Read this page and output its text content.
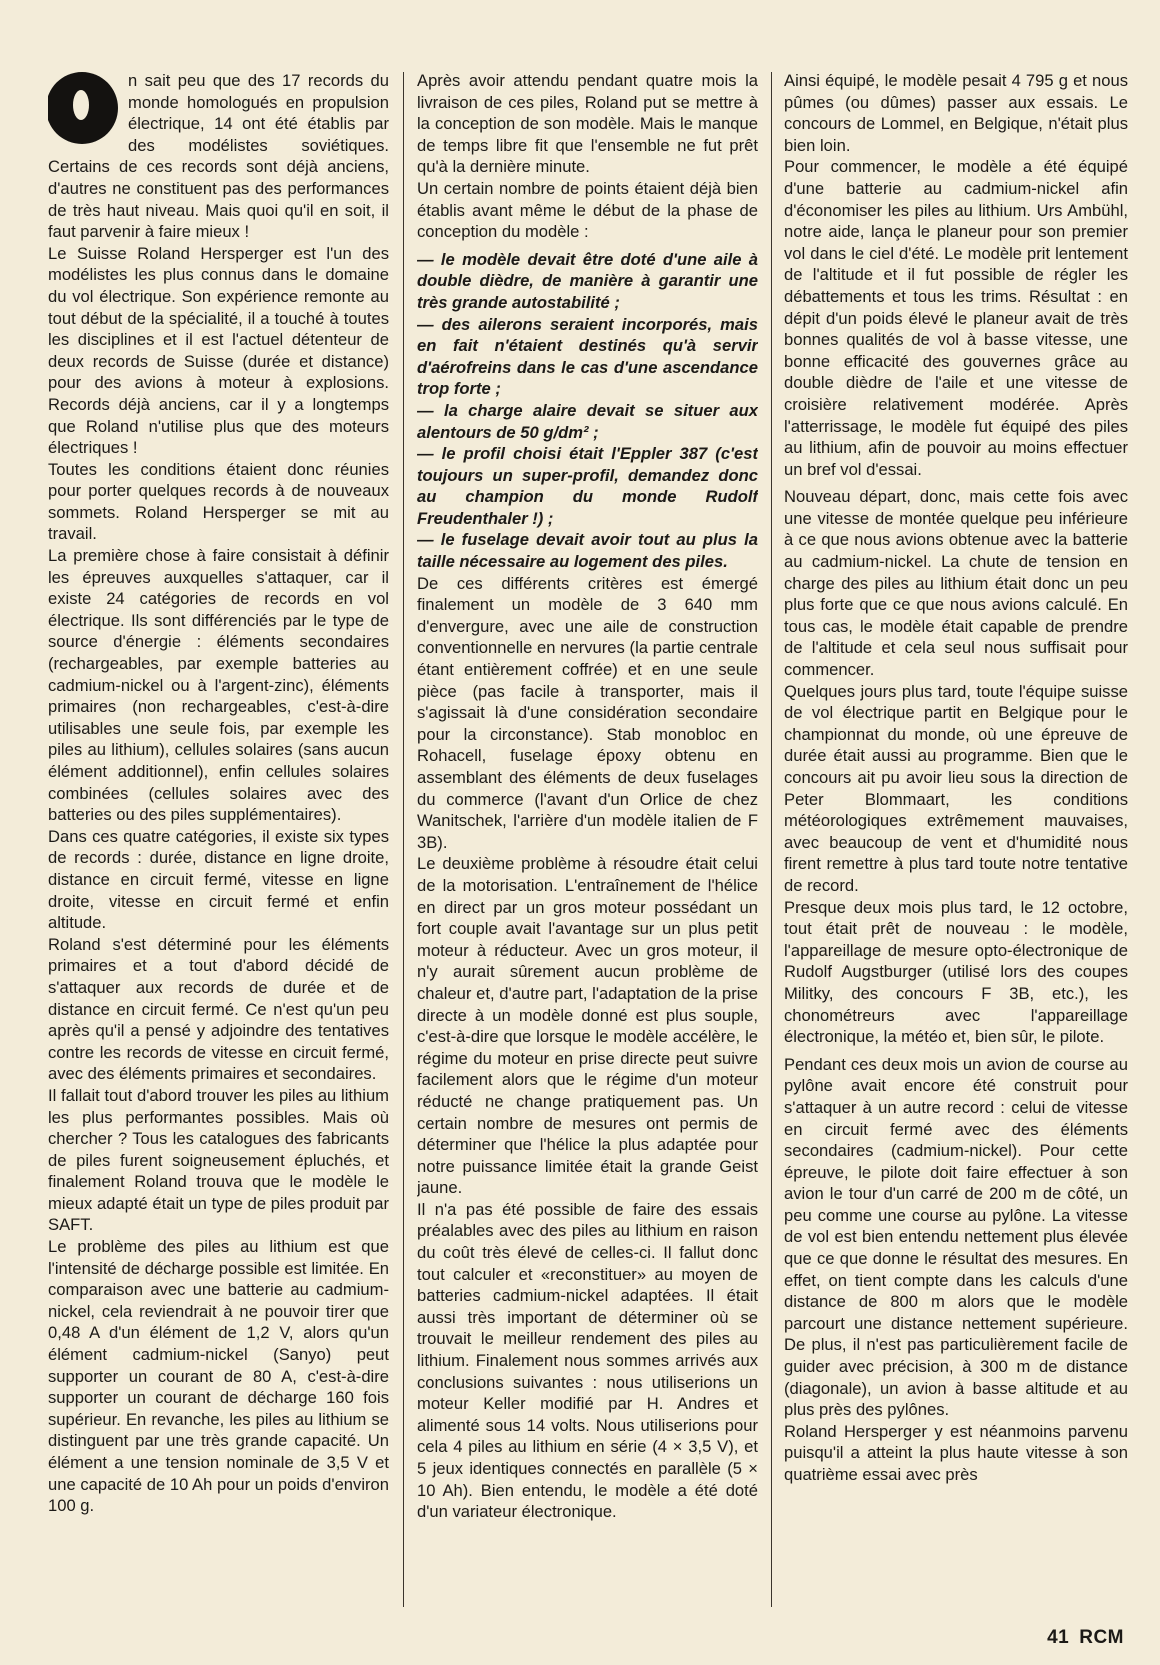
n sait peu que des 17 records du monde homologués en propulsion électrique, 14 ont été établis par des modélistes soviétiques. Certains de ces records sont déjà anciens, d'autres ne constituent pas des performances de très haut niveau. Mais quoi qu'il en soit, il faut parvenir à faire mieux !

Le Suisse Roland Hersperger est l'un des modélistes les plus connus dans le domaine du vol électrique. Son expérience remonte au tout début de la spécialité, il a touché à toutes les disciplines et il est l'actuel détenteur de deux records de Suisse (durée et distance) pour des avions à moteur à explosions. Records déjà anciens, car il y a longtemps que Roland n'utilise plus que des moteurs électriques !

Toutes les conditions étaient donc réunies pour porter quelques records à de nouveaux sommets. Roland Hersperger se mit au travail.

La première chose à faire consistait à définir les épreuves auxquelles s'attaquer, car il existe 24 catégories de records en vol électrique. Ils sont différenciés par le type de source d'énergie : éléments secondaires (rechargeables, par exemple batteries au cadmium-nickel ou à l'argent-zinc), éléments primaires (non rechargeables, c'est-à-dire utilisables une seule fois, par exemple les piles au lithium), cellules solaires (sans aucun élément additionnel), enfin cellules solaires combinées (cellules solaires avec des batteries ou des piles supplémentaires).

Dans ces quatre catégories, il existe six types de records : durée, distance en ligne droite, distance en circuit fermé, vitesse en ligne droite, vitesse en circuit fermé et enfin altitude.

Roland s'est déterminé pour les éléments primaires et a tout d'abord décidé de s'attaquer aux records de durée et de distance en circuit fermé. Ce n'est qu'un peu après qu'il a pensé y adjoindre des tentatives contre les records de vitesse en circuit fermé, avec des éléments primaires et secondaires.

Il fallait tout d'abord trouver les piles au lithium les plus performantes possibles. Mais où chercher ? Tous les catalogues des fabricants de piles furent soigneusement épluchés, et finalement Roland trouva que le modèle le mieux adapté était un type de piles produit par SAFT.

Le problème des piles au lithium est que l'intensité de décharge possible est limitée. En comparaison avec une batterie au cadmium-nickel, cela reviendrait à ne pouvoir tirer que 0,48 A d'un élément de 1,2 V, alors qu'un élément cadmium-nickel (Sanyo) peut supporter un courant de 80 A, c'est-à-dire supporter un courant de décharge 160 fois supérieur. En revanche, les piles au lithium se distinguent par une très grande capacité. Un élément a une tension nominale de 3,5 V et une capacité de 10 Ah pour un poids d'environ 100 g.

Après avoir attendu pendant quatre mois la livraison de ces piles, Roland put se mettre à la conception de son modèle. Mais le manque de temps libre fit que l'ensemble ne fut prêt qu'à la dernière minute.

Un certain nombre de points étaient déjà bien établis avant même le début de la phase de conception du modèle :

— le modèle devait être doté d'une aile à double dièdre, de manière à garantir une très grande autostabilité ;

— des ailerons seraient incorporés, mais en fait n'étaient destinés qu'à servir d'aérofreins dans le cas d'une ascendance trop forte ;

— la charge alaire devait se situer aux alentours de 50 g/dm² ;

— le profil choisi était l'Eppler 387 (c'est toujours un super-profil, demandez donc au champion du monde Rudolf Freudenthaler !) ;

— le fuselage devait avoir tout au plus la taille nécessaire au logement des piles.

De ces différents critères est émergé finalement un modèle de 3 640 mm d'envergure, avec une aile de construction conventionnelle en nervures (la partie centrale étant entièrement coffrée) et en une seule pièce (pas facile à transporter, mais il s'agissait là d'une considération secondaire pour la circonstance). Stab monobloc en Rohacell, fuselage époxy obtenu en assemblant des éléments de deux fuselages du commerce (l'avant d'un Orlice de chez Wanitschek, l'arrière d'un modèle italien de F 3B).

Le deuxième problème à résoudre était celui de la motorisation. L'entraînement de l'hélice en direct par un gros moteur possédant un fort couple avait l'avantage sur un plus petit moteur à réducteur. Avec un gros moteur, il n'y aurait sûrement aucun problème de chaleur et, d'autre part, l'adaptation de la prise directe à un modèle donné est plus souple, c'est-à-dire que lorsque le modèle accélère, le régime du moteur en prise directe peut suivre facilement alors que le régime d'un moteur réducté ne change pratiquement pas. Un certain nombre de mesures ont permis de déterminer que l'hélice la plus adaptée pour notre puissance limitée était la grande Geist jaune.

Il n'a pas été possible de faire des essais préalables avec des piles au lithium en raison du coût très élevé de celles-ci. Il fallut donc tout calculer et «reconstituer» au moyen de batteries cadmium-nickel adaptées. Il était aussi très important de déterminer où se trouvait le meilleur rendement des piles au lithium. Finalement nous sommes arrivés aux conclusions suivantes : nous utiliserions un moteur Keller modifié par H. Andres et alimenté sous 14 volts. Nous utiliserions pour cela 4 piles au lithium en série (4 × 3,5 V), et 5 jeux identiques connectés en parallèle (5 × 10 Ah). Bien entendu, le modèle a été doté d'un variateur électronique.

Ainsi équipé, le modèle pesait 4 795 g et nous pûmes (ou dûmes) passer aux essais. Le concours de Lommel, en Belgique, n'était plus bien loin.

Pour commencer, le modèle a été équipé d'une batterie au cadmium-nickel afin d'économiser les piles au lithium. Urs Ambühl, notre aide, lança le planeur pour son premier vol dans le ciel d'été. Le modèle prit lentement de l'altitude et il fut possible de régler les débattements et tous les trims. Résultat : en dépit d'un poids élevé le planeur avait de très bonnes qualités de vol à basse vitesse, une bonne efficacité des gouvernes grâce au double dièdre de l'aile et une vitesse de croisière relativement modérée. Après l'atterrissage, le modèle fut équipé des piles au lithium, afin de pouvoir au moins effectuer un bref vol d'essai.

Nouveau départ, donc, mais cette fois avec une vitesse de montée quelque peu inférieure à ce que nous avions obtenue avec la batterie au cadmium-nickel. La chute de tension en charge des piles au lithium était donc un peu plus forte que ce que nous avions calculé. En tous cas, le modèle était capable de prendre de l'altitude et cela seul nous suffisait pour commencer.

Quelques jours plus tard, toute l'équipe suisse de vol électrique partit en Belgique pour le championnat du monde, où une épreuve de durée était aussi au programme. Bien que le concours ait pu avoir lieu sous la direction de Peter Blommaart, les conditions météorologiques extrêmement mauvaises, avec beaucoup de vent et d'humidité nous firent remettre à plus tard toute notre tentative de record.

Presque deux mois plus tard, le 12 octobre, tout était prêt de nouveau : le modèle, l'appareillage de mesure opto-électronique de Rudolf Augstburger (utilisé lors des coupes Militky, des concours F 3B, etc.), les chonométreurs avec l'appareillage électronique, la météo et, bien sûr, le pilote.

Pendant ces deux mois un avion de course au pylône avait encore été construit pour s'attaquer à un autre record : celui de vitesse en circuit fermé avec des éléments secondaires (cadmium-nickel). Pour cette épreuve, le pilote doit faire effectuer à son avion le tour d'un carré de 200 m de côté, un peu comme une course au pylône. La vitesse de vol est bien entendu nettement plus élevée que ce que donne le résultat des mesures. En effet, on tient compte dans les calculs d'une distance de 800 m alors que le modèle parcourt une distance nettement supérieure. De plus, il n'est pas particulièrement facile de guider avec précision, à 300 m de distance (diagonale), un avion à basse altitude et au plus près des pylônes.

Roland Hersperger y est néanmoins parvenu puisqu'il a atteint la plus haute vitesse à son quatrième essai avec près

41 RCM
